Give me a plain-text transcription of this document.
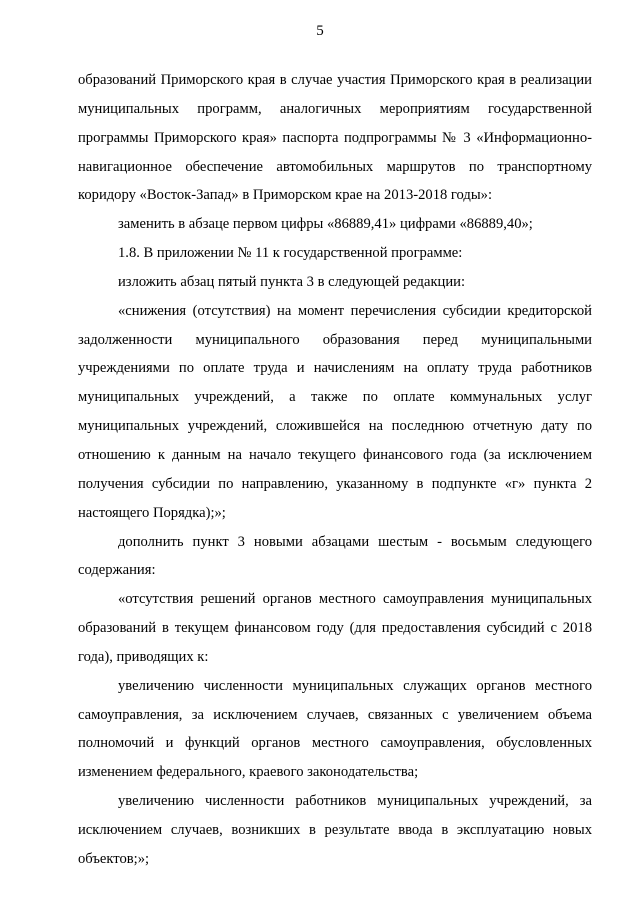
5

образований Приморского края в случае участия Приморского края в реализации муниципальных программ, аналогичных мероприятиям государственной программы Приморского края» паспорта подпрограммы № 3 «Информационно-навигационное обеспечение автомобильных маршрутов по транспортному коридору «Восток-Запад» в Приморском крае на 2013-2018 годы»:

заменить в абзаце первом цифры «86889,41» цифрами «86889,40»;

1.8. В приложении № 11 к государственной программе:

изложить абзац пятый пункта 3 в следующей редакции:

«снижения (отсутствия) на момент перечисления субсидии кредиторской задолженности муниципального образования перед муниципальными учреждениями по оплате труда и начислениям на оплату труда работников муниципальных учреждений, а также по оплате коммунальных услуг муниципальных учреждений, сложившейся на последнюю отчетную дату по отношению к данным на начало текущего финансового года (за исключением получения субсидии по направлению, указанному в подпункте «г» пункта 2 настоящего Порядка);»;

дополнить пункт 3 новыми абзацами шестым - восьмым следующего содержания:

«отсутствия решений органов местного самоуправления муниципальных образований в текущем финансовом году (для предоставления субсидий с 2018 года), приводящих к:

увеличению численности муниципальных служащих органов местного самоуправления, за исключением случаев, связанных с увеличением объема полномочий и функций органов местного самоуправления, обусловленных изменением федерального, краевого законодательства;

увеличению численности работников муниципальных учреждений, за исключением случаев, возникших в результате ввода в эксплуатацию новых объектов;»;
